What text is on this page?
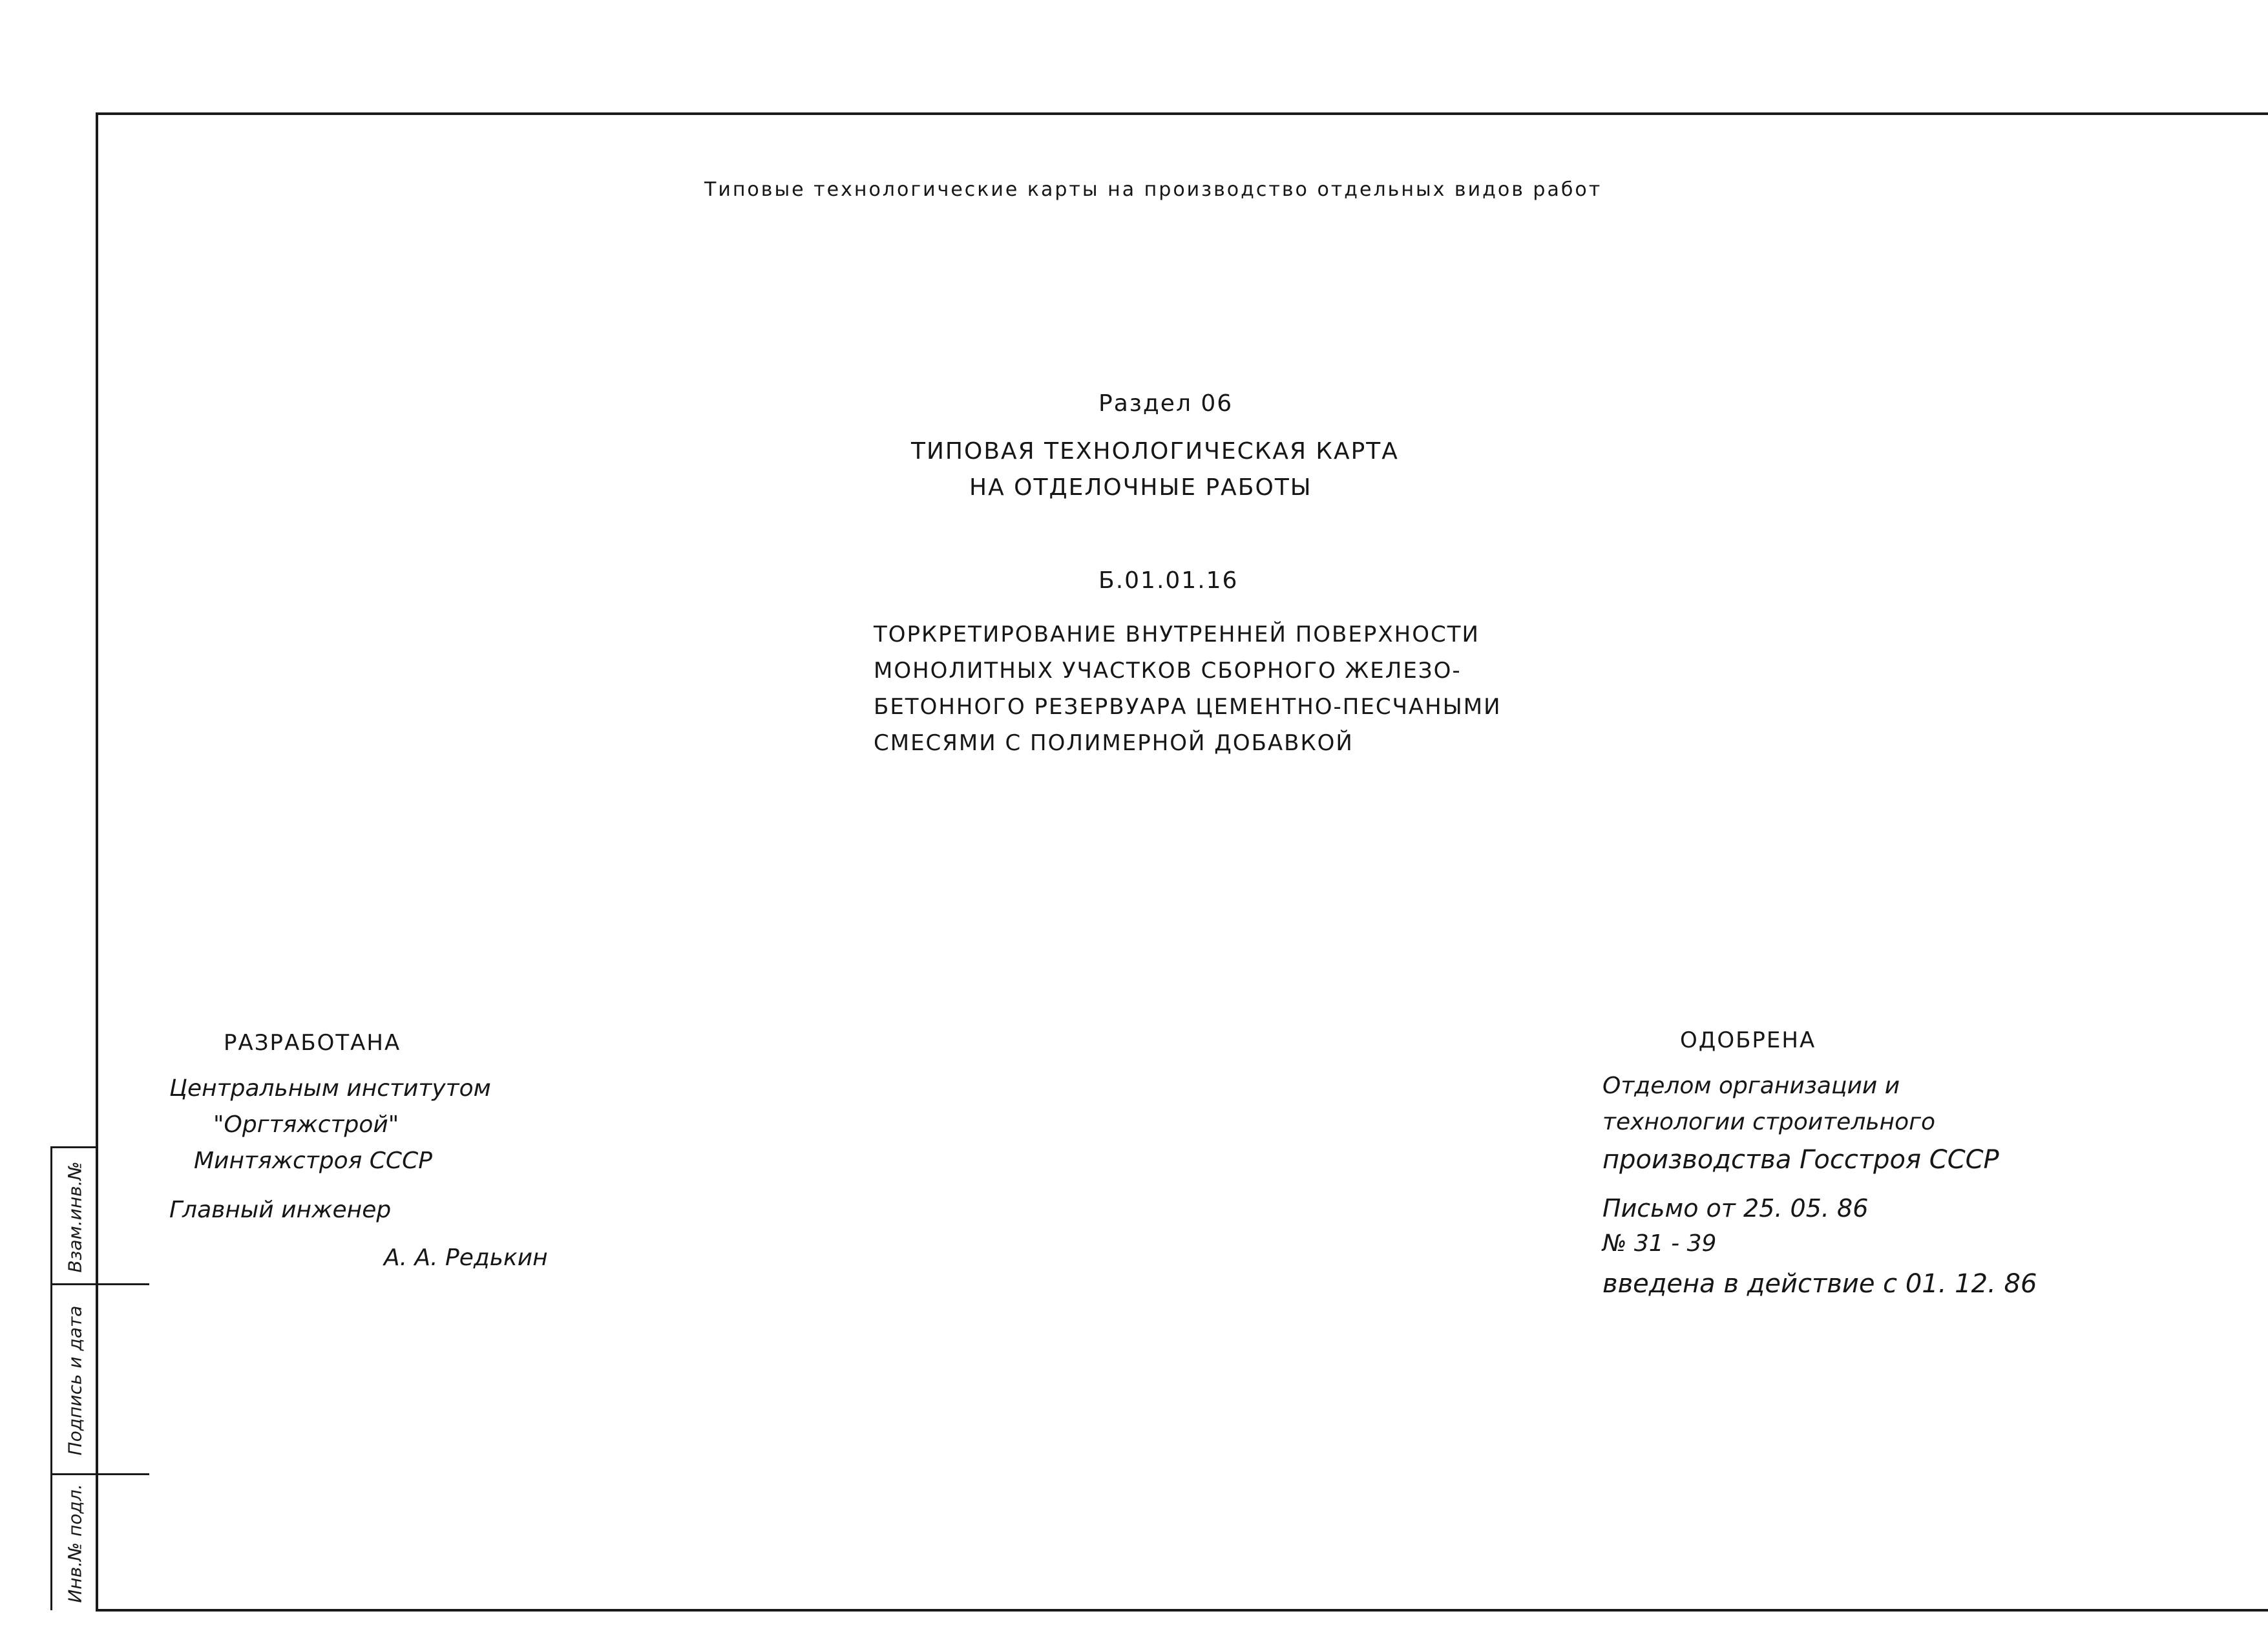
Взам.инв.№
Подпись и дата
Инв.№ подл.
Типовые технологические карты на производство отдельных видов работ
Раздел 06
ТИПОВАЯ ТЕХНОЛОГИЧЕСКАЯ КАРТА
НА ОТДЕЛОЧНЫЕ РАБОТЫ
Б.01.01.16
ТОРКРЕТИРОВАНИЕ ВНУТРЕННЕЙ ПОВЕРХНОСТИ
МОНОЛИТНЫХ УЧАСТКОВ СБОРНОГО ЖЕЛЕЗО-
БЕТОННОГО РЕЗЕРВУАРА ЦЕМЕНТНО-ПЕСЧАНЫМИ
СМЕСЯМИ С ПОЛИМЕРНОЙ ДОБАВКОЙ
РАЗРАБОТАНА
Центральным институтом
"Оргтяжстрой"
Минтяжстроя СССР
Главный инженер
А. А. Редькин
ОДОБРЕНА
Отделом организации и
технологии строительного
производства Госстроя СССР
Письмо от 25. 05. 86
№ 31 - 39
введена в действие с 01. 12. 86
